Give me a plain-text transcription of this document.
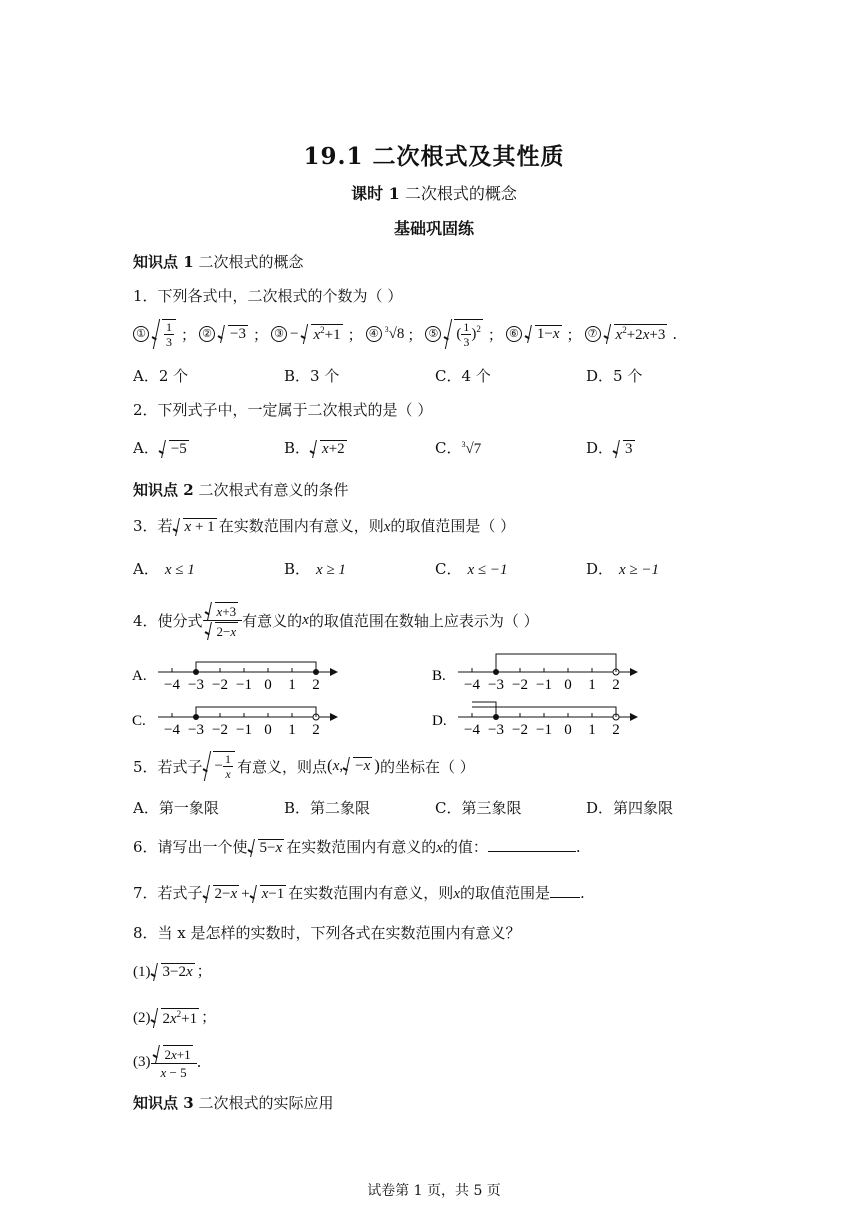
19.1 二次根式及其性质
课时 1 二次根式的概念
基础巩固练
知识点 1 二次根式的概念
1．下列各式中，二次根式的个数为（ ）
① $\frac{1}{3}$ ； ②	−3 ； ③ −	$x^2+1$ ； ④ $^3$√8 ； ⑤	( $\frac{1}{3} )^2$ ； ⑥	1−x ； ⑦	$x^2+2x+3$ .
A．2 个	B．3 个	C．4 个	D．5 个
2．下列式子中，一定属于二次根式的是（ ）
A． −5	B． x+2	C．$^3$√7	D． 3
知识点 2 二次根式有意义的条件
3．若 x + 1 在实数范围内有意义，则x的取值范围是（ ）
A． x ≤ 1	B． x ≥ 1	C． x ≤ −1	D． x ≥ −1
4．使分式 $\frac{x+3}{2-x}$ 有意义的 x 的取值范围在数轴上应表示为（ ）
A.
−4 −3 −2 −1 0 1 2
B.
−4 −3 −2 −1 0 1 2
C.
−4 −3 −2 −1 0 1 2
D.
−4 −3 −2 −1 0 1 2
5．若式子 − $\frac{1}{x}$ 有意义，则点 ( x , −x ) 的坐标在（ ）
A．第一象限	B．第二象限	C．第三象限	D．第四象限
6．请写出一个使 5−x 在实数范围内有意义的x的值：	.
7．若式子 2−x + x−1 在实数范围内有意义，则x的取值范围是 .
8．当 x 是怎样的实数时，下列各式在实数范围内有意义？
(1) 3−2x ；
(2) $2x^2+1$ ；
$(3) \frac{2x+1}{x - 5}$ .
知识点 3 二次根式的实际应用
试卷第 1 页，共 5 页
